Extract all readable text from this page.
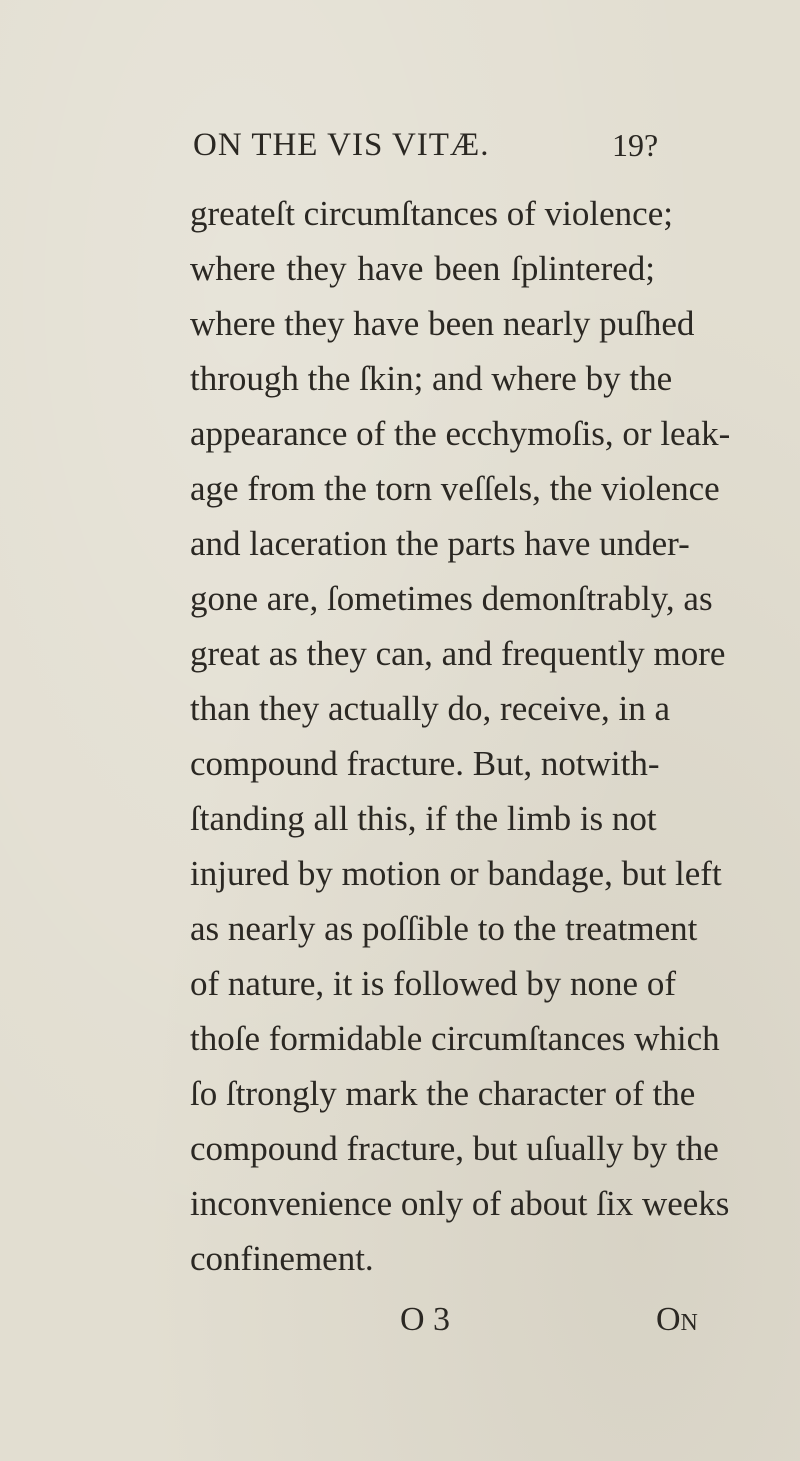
ON THE VIS VITÆ.	19?
greateſt circumſtances of violence;
where they have been ſplintered;
where they have been nearly puſhed
through the ſkin; and where by the
appearance of the ecchymoſis, or leak-
age from the torn veſſels, the violence
and laceration the parts have under-
gone are, ſometimes demonſtrably, as
great as they can, and frequently more
than they actually do, receive, in a
compound fracture. But, notwith-
ſtanding all this, if the limb is not
injured by motion or bandage, but left
as nearly as poſſible to the treatment
of nature, it is followed by none of
thoſe formidable circumſtances which
ſo ſtrongly mark the character of the
compound fracture, but uſually by the
inconvenience only of about ſix weeks
confinement.
O 3	On
